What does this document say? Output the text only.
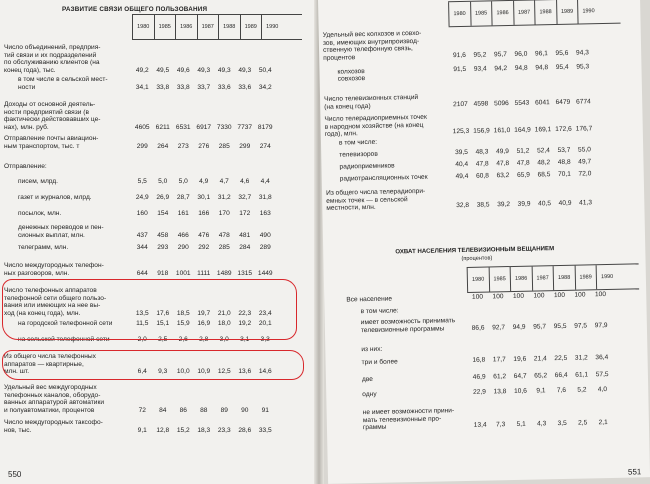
РАЗВИТИЕ СВЯЗИ ОБЩЕГО ПОЛЬЗОВАНИЯ
1980	1985	1986	1987	1988	1989	1990
Число объединений, предприя-
тий связи и их подразделений
по обслуживанию клиентов (на
конец года), тыс.	49,2	49,5	49,6	49,3	49,3	49,3	50,4
в том числе в сельской мест-
ности	34,1	33,8	33,8	33,7	33,6	33,6	34,2
Доходы от основной деятель-
ности предприятий связи (в
фактически действовавших це-
нах), млн. руб.	4605 6211 6531 6917 7330 7737 8179
Отправление почты авиацион-
ным транспортом, тыс. т	299	264	273	276	285	299	274
Отправление:
писем, млрд.	5,5	5,0	5,0	4,9	4,7	4,6	4,4
газет и журналов, млрд.	24,9	26,9	28,7	30,1	31,2	32,7	31,8
посылок, млн.	160	154	161	166	170	172	163
денежных переводов и пен-
сионных выплат, млн.	437	458	466	476	478	481	490
телеграмм, млн.	344	293	290	292	285	284	289
Число междугородных телефон-
ных разговоров, млн.	644	918	1001 1111 1489 1315 1449
Число телефонных аппаратов
телефонной сети общего пользо-
вания или имеющих на нее вы-
ход (на конец года), млн.	13,5	17,6	18,5	19,7	21,0	22,3	23,4
на городской телефонной сети	11,5	15,1	15,9	16,9	18,0	19,2	20,1
на сельской телефонной сети	2,0	2,5	2,6	2,8	3,0	3,1	3,3
Из общего числа телефонных
аппаратов — квартирные,
млн. шт.	6,4	9,3	10,0	10,9	12,5	13,6	14,6
Удельный вес междугородных
телефонных каналов, оборудо-
ванных аппаратурой автоматики
и полуавтоматики, процентов	72	84	86	88	89	90	91
Число междугородных таксофо-
нов, тыс.	9,1	12,8	15,2	18,3	23,3	28,6	33,5
550
1980	1985	1986	1987	1988	1989	1990
Удельный вес колхозов и совхо-
зов, имеющих внутрипроизвод-
ственную телефонную связь,
процентов	91,6	95,2	95,7	96,0	96,1	95,6	94,3
колхозов	91,5	93,4	94,2	94,8	94,8	95,4	95,3
совхозов
Число телевизионных станций
(на конец года)	2107 4598 5096 5543 6041 6479 6774
Число телерадиоприемных точек
в народном хозяйстве (на конец
года), млн.	125,3 156,9 161,0 164,9 169,1 172,6 176,7
в том числе:
телевизоров	39,5	48,3	49,9	51,2	52,4	53,7	55,0
радиоприемников	40,4	47,8	47,8	47,8	48,2	48,8	49,7
радиотрансляционных точек	49,4	60,8	63,2	65,9	68,5	70,1	72,0
Из общего числа телерадиопри-
емных точек — в сельской
местности, млн.	32,8	38,5	39,2	39,9	40,5	40,9	41,3
ОХВАТ НАСЕЛЕНИЯ ТЕЛЕВИЗИОННЫМ ВЕЩАНИЕМ
(процентов)
1980	1985	1986	1987	1988	1989	1990
Все население	100	100	100	100	100	100	100
в том числе:
имеет возможность принимать
телевизионные программы	86,6	92,7	94,9	95,7	95,5	97,5	97,9
из них:
три и более	16,8	17,7	19,6	21,4	22,5	31,2	36,4
две	46,9	61,2	64,7	65,2	66,4	61,1	57,5
одну	22,9	13,8	10,6	9,1	7,6	5,2	4,0
не имеет возможности прини-
мать телевизионные про-
граммы	13,4	7,3	5,1	4,3	3,5	2,5	2,1
551
